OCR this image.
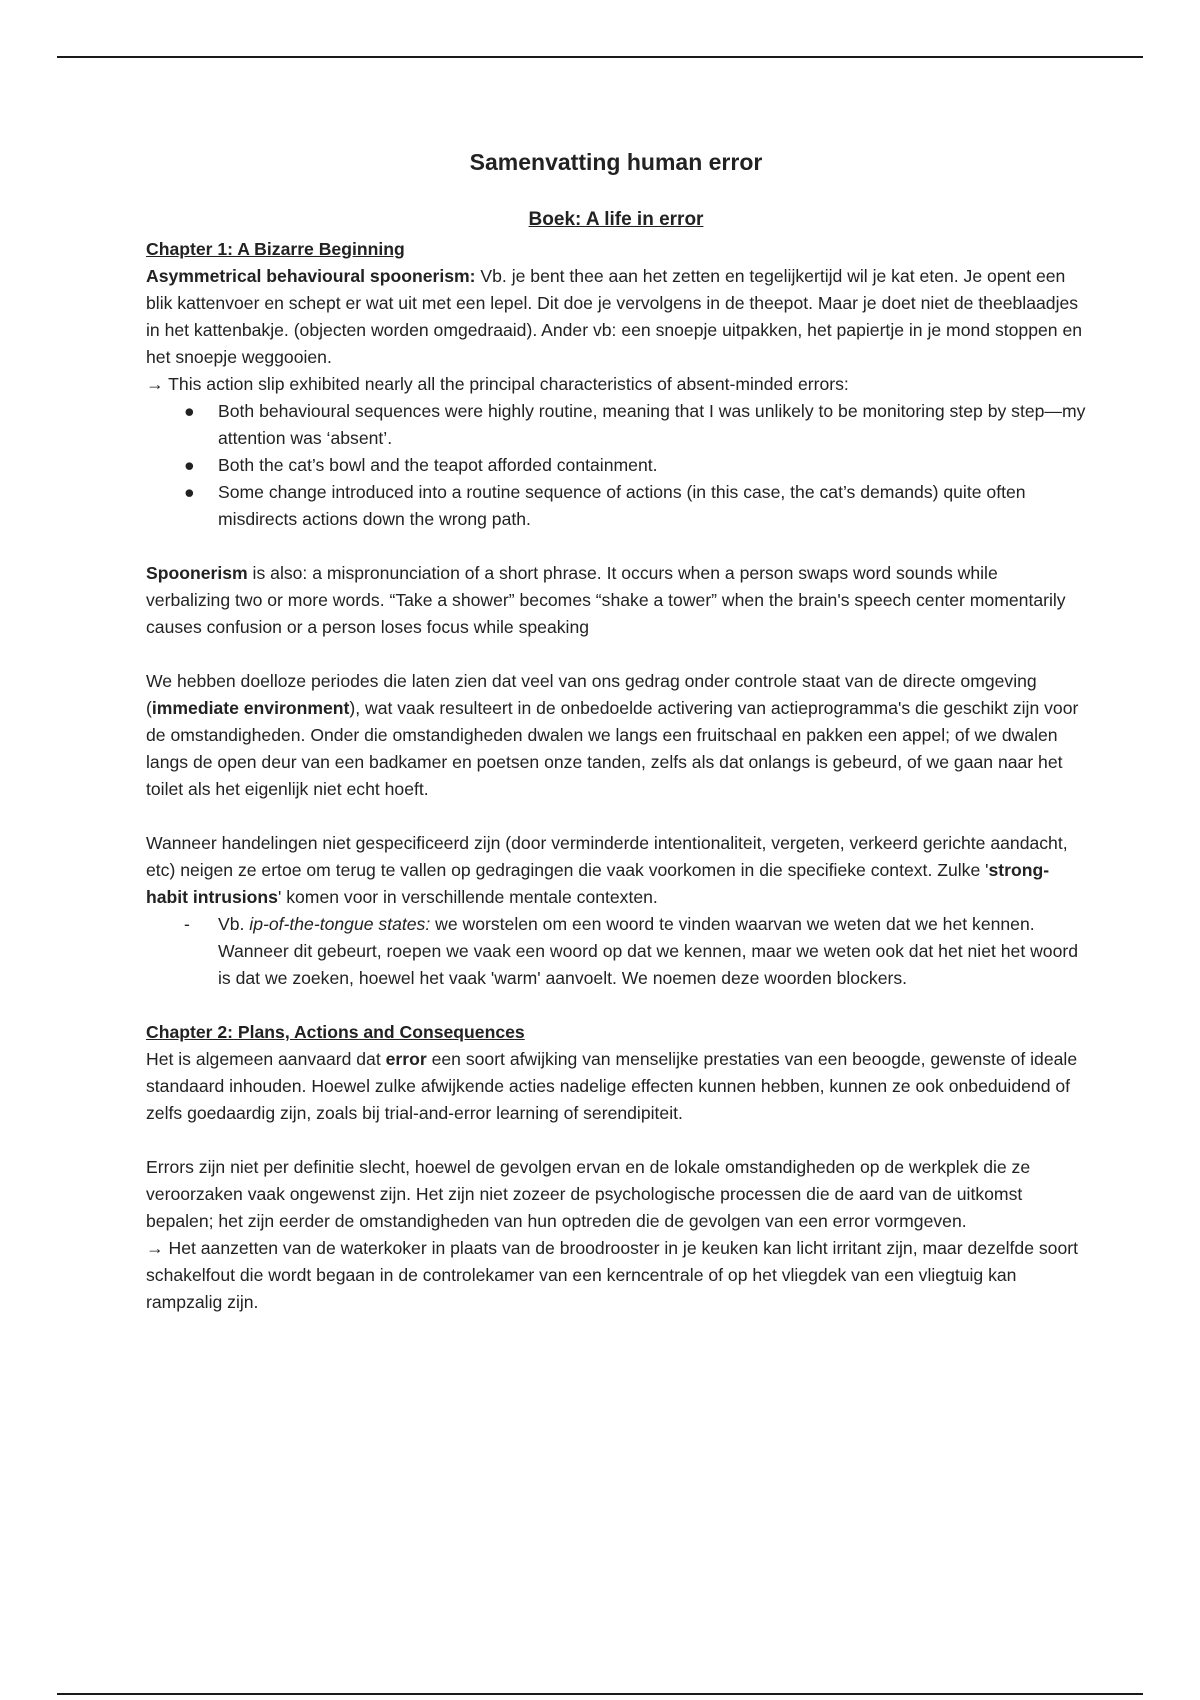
Samenvatting human error
Boek: A life in error

Chapter 1: A Bizarre Beginning

Asymmetrical behavioural spoonerism: Vb. je bent thee aan het zetten en tegelijkertijd wil je kat eten. Je opent een blik kattenvoer en schept er wat uit met een lepel. Dit doe je vervolgens in de theepot. Maar je doet niet de theeblaadjes in het kattenbakje. (objecten worden omgedraaid). Ander vb: een snoepje uitpakken, het papiertje in je mond stoppen en het snoepje weggooien.

→ This action slip exhibited nearly all the principal characteristics of absent-minded errors:

● Both behavioural sequences were highly routine, meaning that I was unlikely to be monitoring step by step—my attention was ‘absent’.
● Both the cat’s bowl and the teapot afforded containment.
● Some change introduced into a routine sequence of actions (in this case, the cat’s demands) quite often misdirects actions down the wrong path.

Spoonerism is also: a mispronunciation of a short phrase. It occurs when a person swaps word sounds while verbalizing two or more words. “Take a shower” becomes “shake a tower” when the brain's speech center momentarily causes confusion or a person loses focus while speaking

We hebben doelloze periodes die laten zien dat veel van ons gedrag onder controle staat van de directe omgeving (immediate environment), wat vaak resulteert in de onbedoelde activering van actieprogramma's die geschikt zijn voor de omstandigheden. Onder die omstandigheden dwalen we langs een fruitschaal en pakken een appel; of we dwalen langs de open deur van een badkamer en poetsen onze tanden, zelfs als dat onlangs is gebeurd, of we gaan naar het toilet als het eigenlijk niet echt hoeft.

Wanneer handelingen niet gespecificeerd zijn (door verminderde intentionaliteit, vergeten, verkeerd gerichte aandacht, etc) neigen ze ertoe om terug te vallen op gedragingen die vaak voorkomen in die specifieke context. Zulke 'strong-habit intrusions' komen voor in verschillende mentale contexten.

- Vb. ip-of-the-tongue states: we worstelen om een woord te vinden waarvan we weten dat we het kennen. Wanneer dit gebeurt, roepen we vaak een woord op dat we kennen, maar we weten ook dat het niet het woord is dat we zoeken, hoewel het vaak 'warm' aanvoelt. We noemen deze woorden blockers.

Chapter 2: Plans, Actions and Consequences

Het is algemeen aanvaard dat error een soort afwijking van menselijke prestaties van een beoogde, gewenste of ideale standaard inhouden. Hoewel zulke afwijkende acties nadelige effecten kunnen hebben, kunnen ze ook onbeduidend of zelfs goedaardig zijn, zoals bij trial-and-error learning of serendipiteit.

Errors zijn niet per definitie slecht, hoewel de gevolgen ervan en de lokale omstandigheden op de werkplek die ze veroorzaken vaak ongewenst zijn. Het zijn niet zozeer de psychologische processen die de aard van de uitkomst bepalen; het zijn eerder de omstandigheden van hun optreden die de gevolgen van een error vormgeven.

→ Het aanzetten van de waterkoker in plaats van de broodrooster in je keuken kan licht irritant zijn, maar dezelfde soort schakelfout die wordt begaan in de controlekamer van een kerncentrale of op het vliegdek van een vliegtuig kan rampzalig zijn.
